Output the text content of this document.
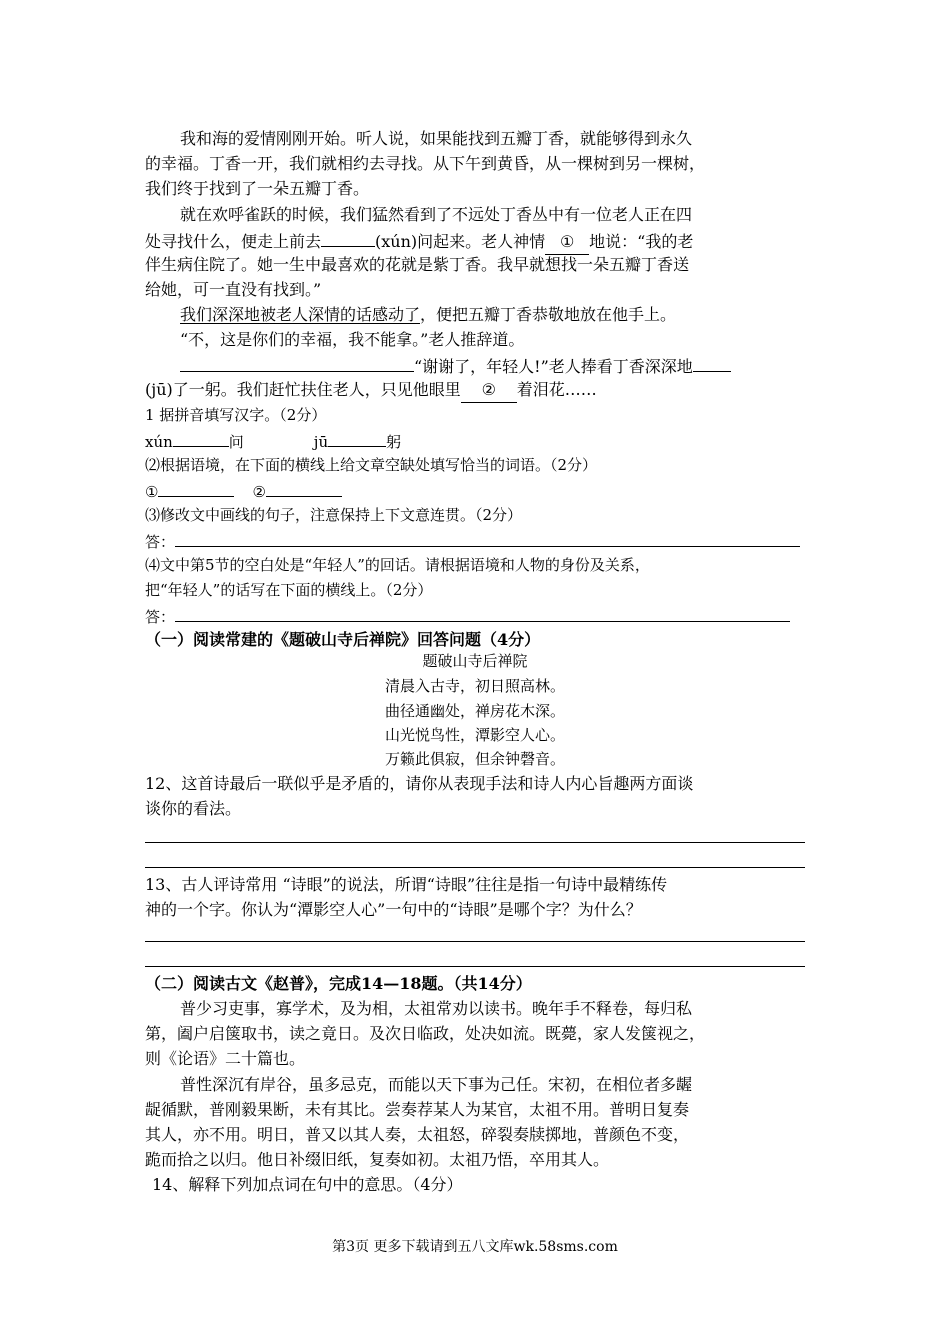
我和海的爱情刚刚开始。听人说，如果能找到五瓣丁香，就能够得到永久
的幸福。丁香一开，我们就相约去寻找。从下午到黄昏，从一棵树到另一棵树，
我们终于找到了一朵五瓣丁香。
就在欢呼雀跃的时候，我们猛然看到了不远处丁香丛中有一位老人正在四
处寻找什么，便走上前去	(xún)问起来。老人神情 ① 地说：“我的老
伴生病住院了。她一生中最喜欢的花就是紫丁香。我早就想找一朵五瓣丁香送
给她，可一直没有找到。”
我们深深地被老人深情的话感动了，便把五瓣丁香恭敬地放在他手上。
“不，这是你们的幸福，我不能拿。”老人推辞道。
“谢谢了，年轻人!”老人捧看丁香深深地
(jū)了一躬。我们赶忙扶住老人，只见他眼里 ② 着泪花……
1 据拼音填写汉字。（2分）
xún	问	jū	躬
⑵根据语境，在下面的横线上给文章空缺处填写恰当的词语。（2分）
①	②
⑶修改文中画线的句子，注意保持上下文意连贯。（2分）
答：
⑷文中第5节的空白处是“年轻人”的回话。请根据语境和人物的身份及关系，
把“年轻人”的话写在下面的横线上。（2分）
答：
（一）阅读常建的《题破山寺后禅院》回答问题（4分）
题破山寺后禅院
清晨入古寺，初日照高林。
曲径通幽处，禅房花木深。
山光悦鸟性，潭影空人心。
万籁此俱寂，但余钟磬音。
12、这首诗最后一联似乎是矛盾的，请你从表现手法和诗人内心旨趣两方面谈
谈你的看法。
13、古人评诗常用 “诗眼”的说法，所谓“诗眼”往往是指一句诗中最精练传
神的一个字。你认为“潭影空人心”一句中的“诗眼”是哪个字？为什么？
（二）阅读古文《赵普》，完成14—18题。（共14分）
普少习吏事，寡学术，及为相，太祖常劝以读书。晚年手不释卷，每归私
第，阖户启箧取书，读之竟日。及次日临政，处决如流。既薨，家人发箧视之，
则《论语》二十篇也。
普性深沉有岸谷，虽多忌克，而能以天下事为己任。宋初，在相位者多龌
龊循默，普刚毅果断，未有其比。尝奏荐某人为某官，太祖不用。普明日复奏
其人，亦不用。明日，普又以其人奏，太祖怒，碎裂奏牍掷地，普颜色不变，
跪而拾之以归。他日补缀旧纸，复奏如初。太祖乃悟，卒用其人。
14、解释下列加点词在句中的意思。（4分）
第3页 更多下载请到五八文库wk.58sms.com
